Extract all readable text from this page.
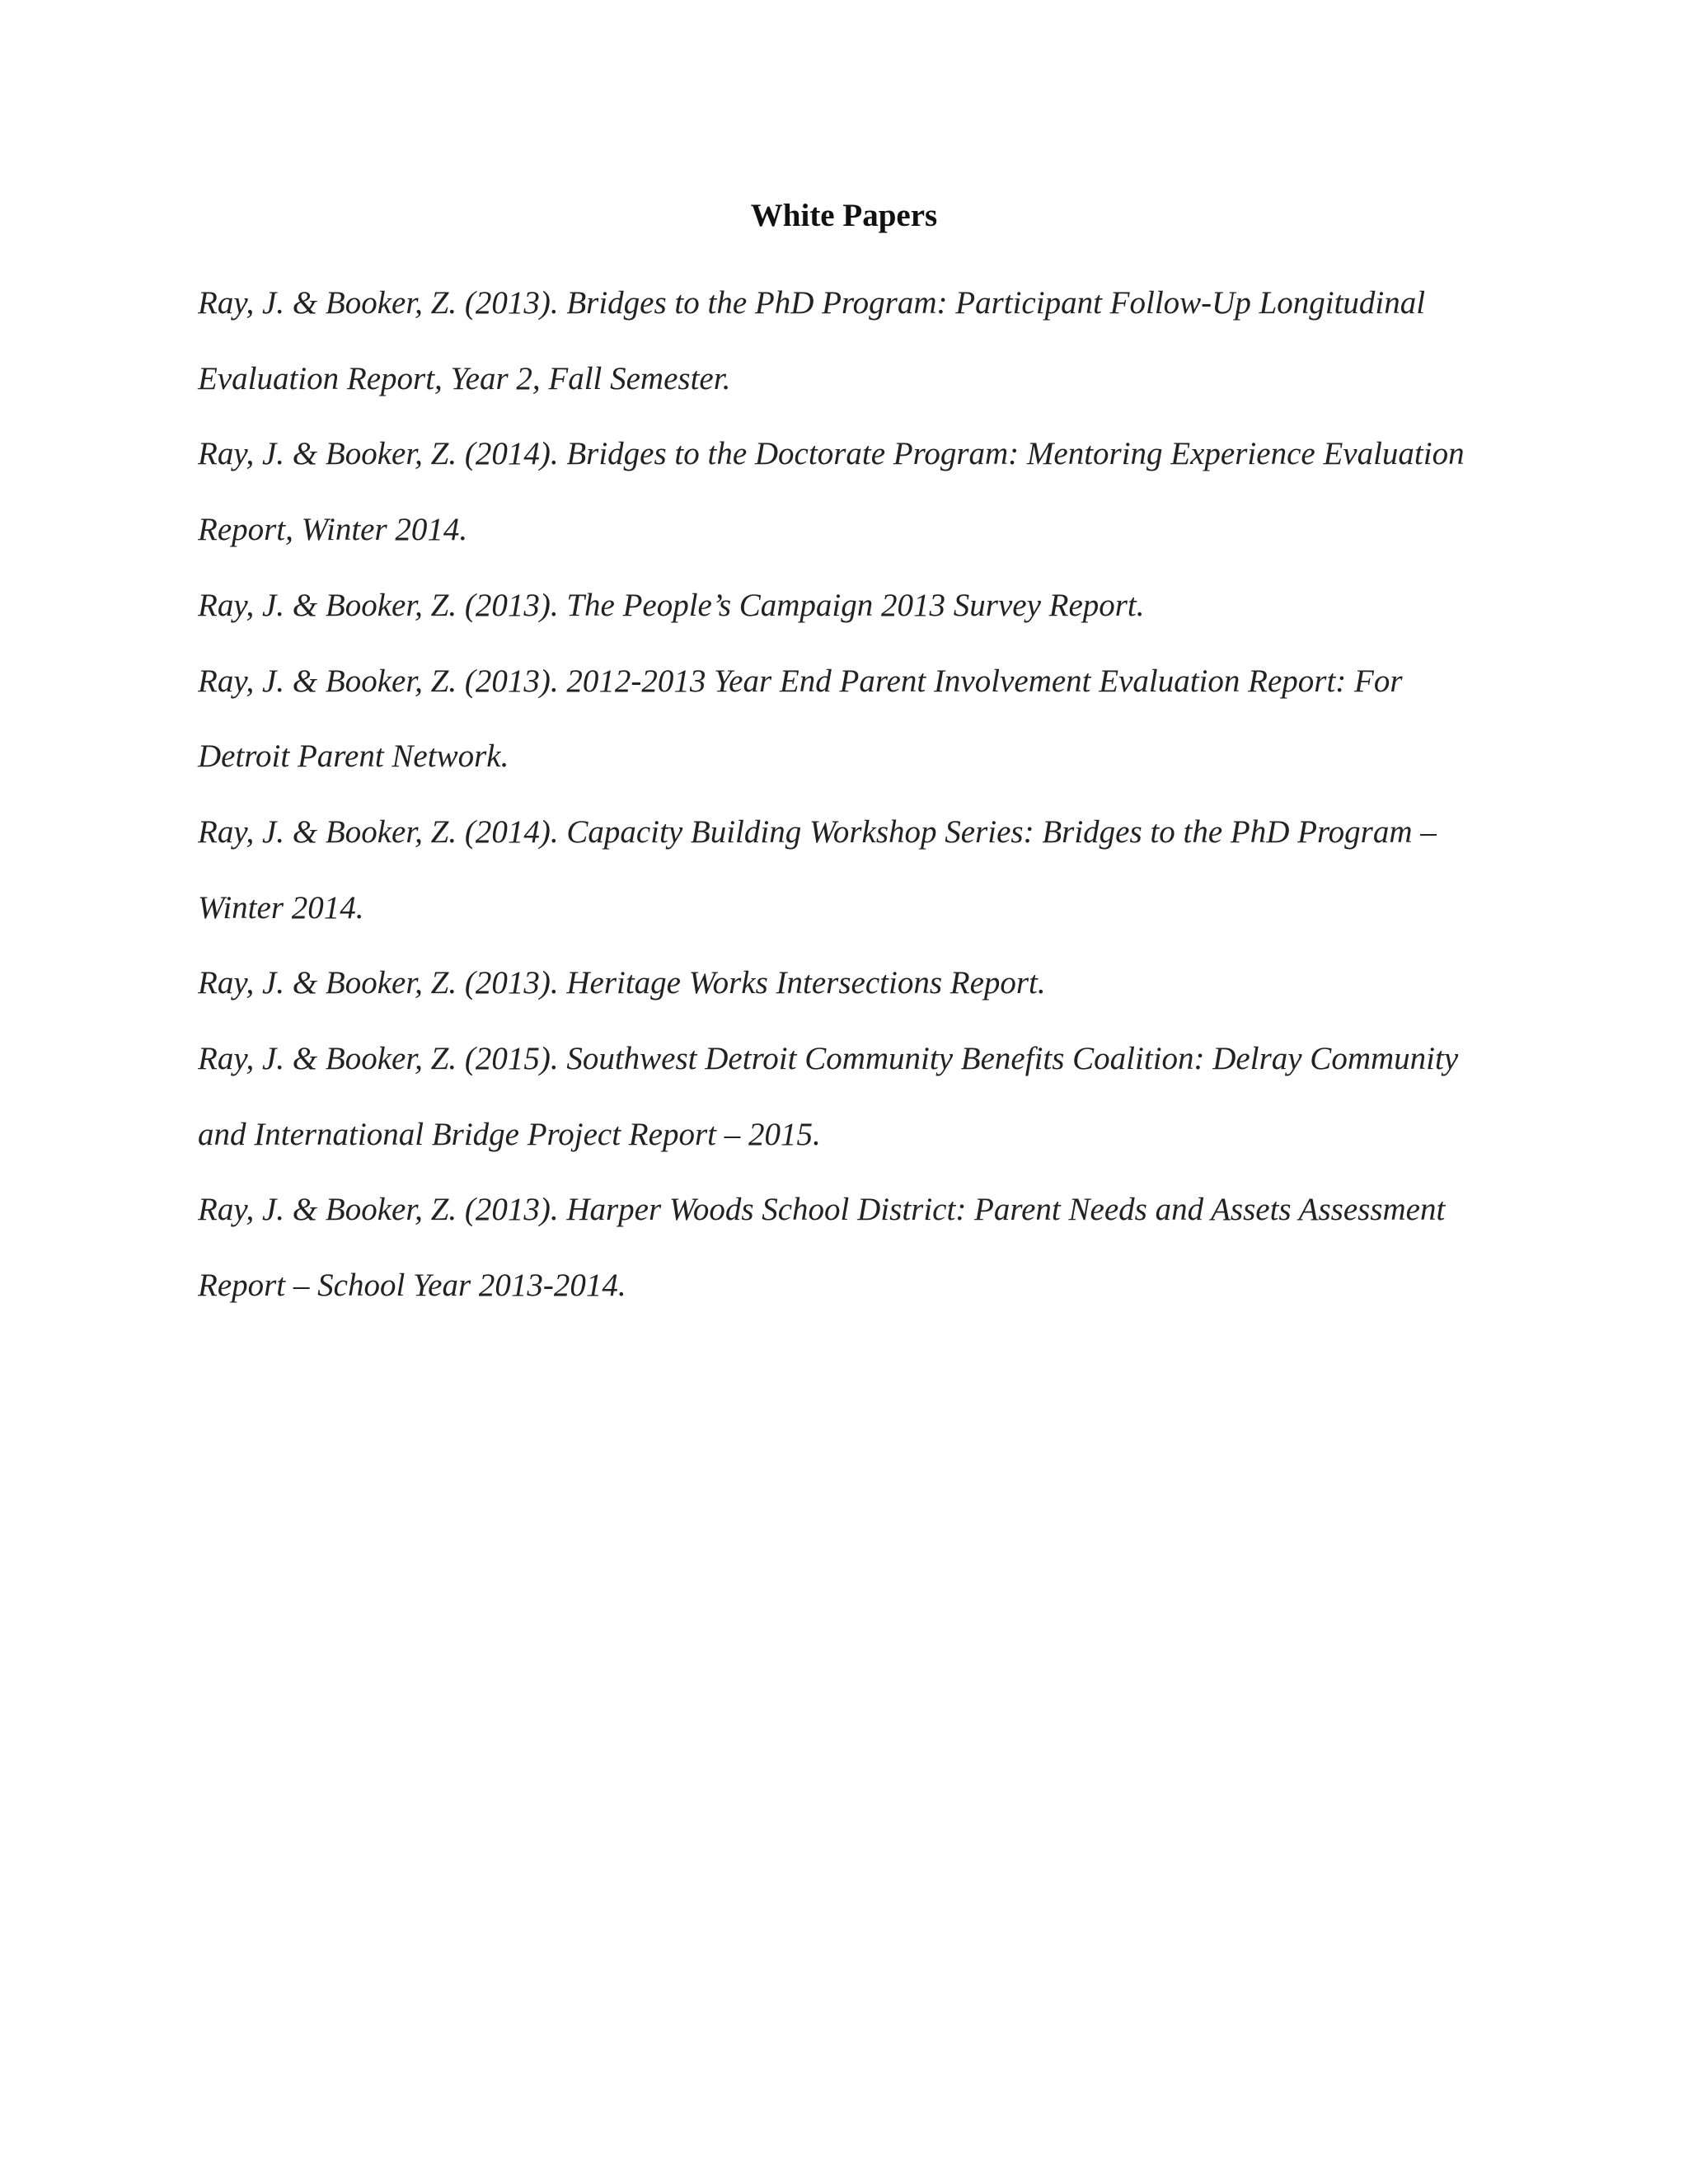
White Papers
Ray, J. & Booker, Z. (2013). Bridges to the PhD Program: Participant Follow-Up Longitudinal Evaluation Report, Year 2, Fall Semester.
Ray, J. & Booker, Z. (2014). Bridges to the Doctorate Program: Mentoring Experience Evaluation Report, Winter 2014.
Ray, J. & Booker, Z. (2013). The People’s Campaign 2013 Survey Report.
Ray, J. & Booker, Z. (2013). 2012-2013 Year End Parent Involvement Evaluation Report: For Detroit Parent Network.
Ray, J. & Booker, Z. (2014). Capacity Building Workshop Series: Bridges to the PhD Program – Winter 2014.
Ray, J. & Booker, Z. (2013). Heritage Works Intersections Report.
Ray, J. & Booker, Z. (2015). Southwest Detroit Community Benefits Coalition: Delray Community and International Bridge Project Report – 2015.
Ray, J. & Booker, Z. (2013). Harper Woods School District: Parent Needs and Assets Assessment Report – School Year 2013-2014.
